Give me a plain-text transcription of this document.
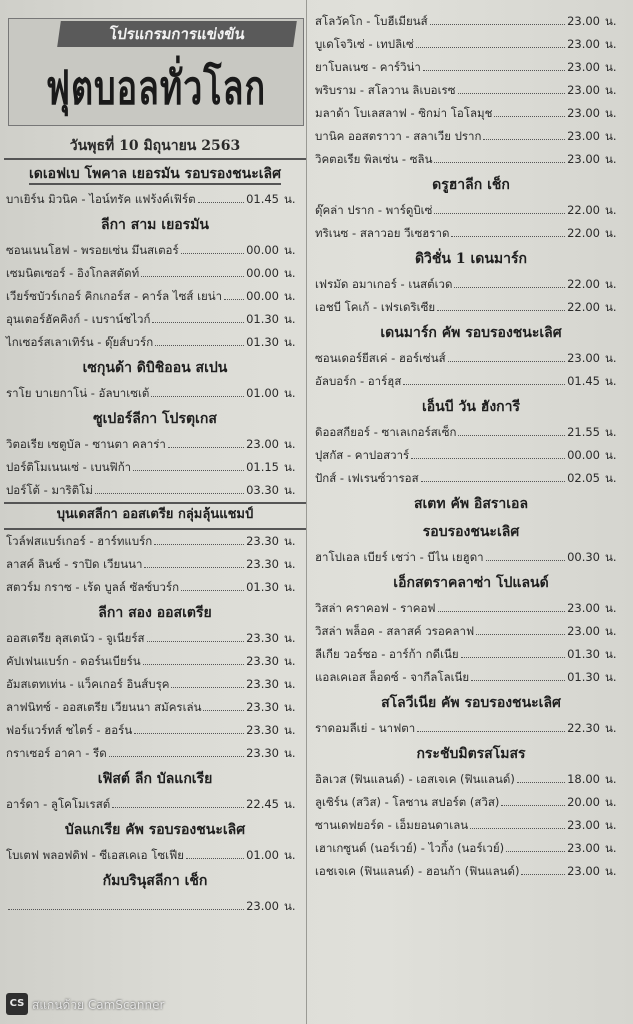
โปรแกรมการแข่งขัน
ฟุตบอลทั่วโลก
วันพุธที่ 10 มิถุนายน 2563
เดเอฟเบ โพคาล เยอรมัน รอบรองชนะเลิศ
บาเยิร์น มิวนิค - ไอน์ทรัค แฟร้งค์เฟิร์ต	01.45 น.
ลีกา สาม เยอรมัน
ซอนเนนโฮฟ - พรอยเซ่น มึนสเตอร์	00.00 น.
เซมนิตเซอร์ - อิงโกลสตัดท์	00.00 น.
เวียร์ซบัวร์เกอร์ คิกเกอร์ส - คาร์ล ไซส์ เยน่า 00.00 น.
อุนเตอร์ฮัคคิงก์ - เบราน์ชไวก์	01.30 น.
ไกเซอร์สเลาเทิร์น - ดุ๊ยส์บวร์ก	01.30 น.
เซกุนด้า ดิบิชิออน สเปน
ราโย บาเยกาโน่ - อัลบาเซเต้	01.00 น.
ซูเปอร์ลีกา โปรตุเกส
วิตอเรีย เซตูบัล - ซานตา คลาร่า	23.00 น.
ปอร์ติโมเนนเซ่ - เบนฟิก้า	01.15 น.
ปอร์โต้ - มาริติโม่	03.30 น.
บุนเดสลีกา ออสเตรีย กลุ่มลุ้นแชมป์
โวล์ฟสแบร์เกอร์ - ฮาร์ทแบร์ก	23.30 น.
ลาสค์ ลินซ์ - ราปิด เวียนนา	23.30 น.
สตวร์ม กราซ - เร้ด บูลล์ ซัลซ์บวร์ก	01.30 น.
ลีกา สอง ออสเตรีย
ออสเตรีย ลุสเตนัว - จูเนียร์ส	23.30 น.
คัปเฟนแบร์ก - ดอร์นเบียร์น	23.30 น.
อัมสเตทเท่น - แว็คเกอร์ อินส์บรุค	23.30 น.
ลาฟนิทซ์ - ออสเตรีย เวียนนา สมัครเล่น	23.30 น.
ฟอร์แวร์ทส์ ชไตร์ - ฮอร์น	23.30 น.
กราเซอร์ อาคา - รีด	23.30 น.
เฟิสต์ ลีก บัลแกเรีย
อาร์ดา - ลูโคโมเรสต์	22.45 น.
บัลแกเรีย คัพ รอบรองชนะเลิศ
โบเตฟ พลอฟดิฟ - ซีเอสเคเอ โซเฟีย	01.00 น.
กัมบรินุสลีกา เช็ก
23.00 น.
สโลวัคโก - โบฮีเมียนส์	23.00 น.
บูเดโจวิเซ่ - เทปลิเซ่	23.00 น.
ยาโบลเนซ - คาร์วิน่า	23.00 น.
พริบราม - สโลวาน ลิเบอเรซ	23.00 น.
มลาด้า โบเลสลาฟ - ซิกม่า โอโลมุช	23.00 น.
บานิค ออสตราวา - สลาเวีย ปราก	23.00 น.
วิคตอเรีย พิลเซ่น - ซลิน	23.00 น.
ดรูฮาลีก เช็ก
ดุ๊คล่า ปราก - พาร์ดูบิเซ่	22.00 น.
ทริเนซ - สลาวอย วีเซฮราด	22.00 น.
ดิวิชั่น 1 เดนมาร์ก
เฟรมัด อมาเกอร์ - เนสต์เวด	22.00 น.
เอชบี โคเก้ - เฟรเดริเซีย	22.00 น.
เดนมาร์ก คัพ รอบรองชนะเลิศ
ซอนเดอร์ยีสเค่ - ฮอร์เซ่นส์	23.00 น.
อัลบอร์ก - อาร์ฮุส	01.45 น.
เอ็นบี วัน ฮังการี
ดิออสกียอร์ - ซาเลเกอร์สเซ็ก	21.55 น.
ปุสกัส - คาปอสวาร์	00.00 น.
ปักส์ - เฟเรนซ์วารอส	02.05 น.
สเตท คัพ อิสราเอล
รอบรองชนะเลิศ
ฮาโปเอล เบียร์ เชว่า - บีไน เยฮูดา	00.30 น.
เอ็กสตราคลาซ่า โปแลนด์
วิสล่า คราคอฟ - ราคอฟ	23.00 น.
วิสล่า พล็อค - สลาสค์ วรอคลาฟ	23.00 น.
ลีเกีย วอร์ซอ - อาร์ก้า กดีเนีย	01.30 น.
แอลเคเอส ล็อดซ์ - จากีลโลเนีย	01.30 น.
สโลวีเนีย คัพ รอบรองชนะเลิศ
ราดอมลีเย่ - นาฟตา	22.30 น.
กระชับมิตรสโมสร
อิลเวส (ฟินแลนด์) - เอสเจเค (ฟินแลนด์)	18.00 น.
ลูเซิร์น (สวิส) - โลซาน สปอร์ต (สวิส)	20.00 น.
ซานเดฟยอร์ด - เอ็มยอนดาเลน	23.00 น.
เฮาเกซูนด์ (นอร์เวย์) - ไวกิ้ง (นอร์เวย์)	23.00 น.
เอชเจเค (ฟินแลนด์) - ฮอนก้า (ฟินแลนด์)	23.00 น.
CS สแกนด้วย CamScanner
